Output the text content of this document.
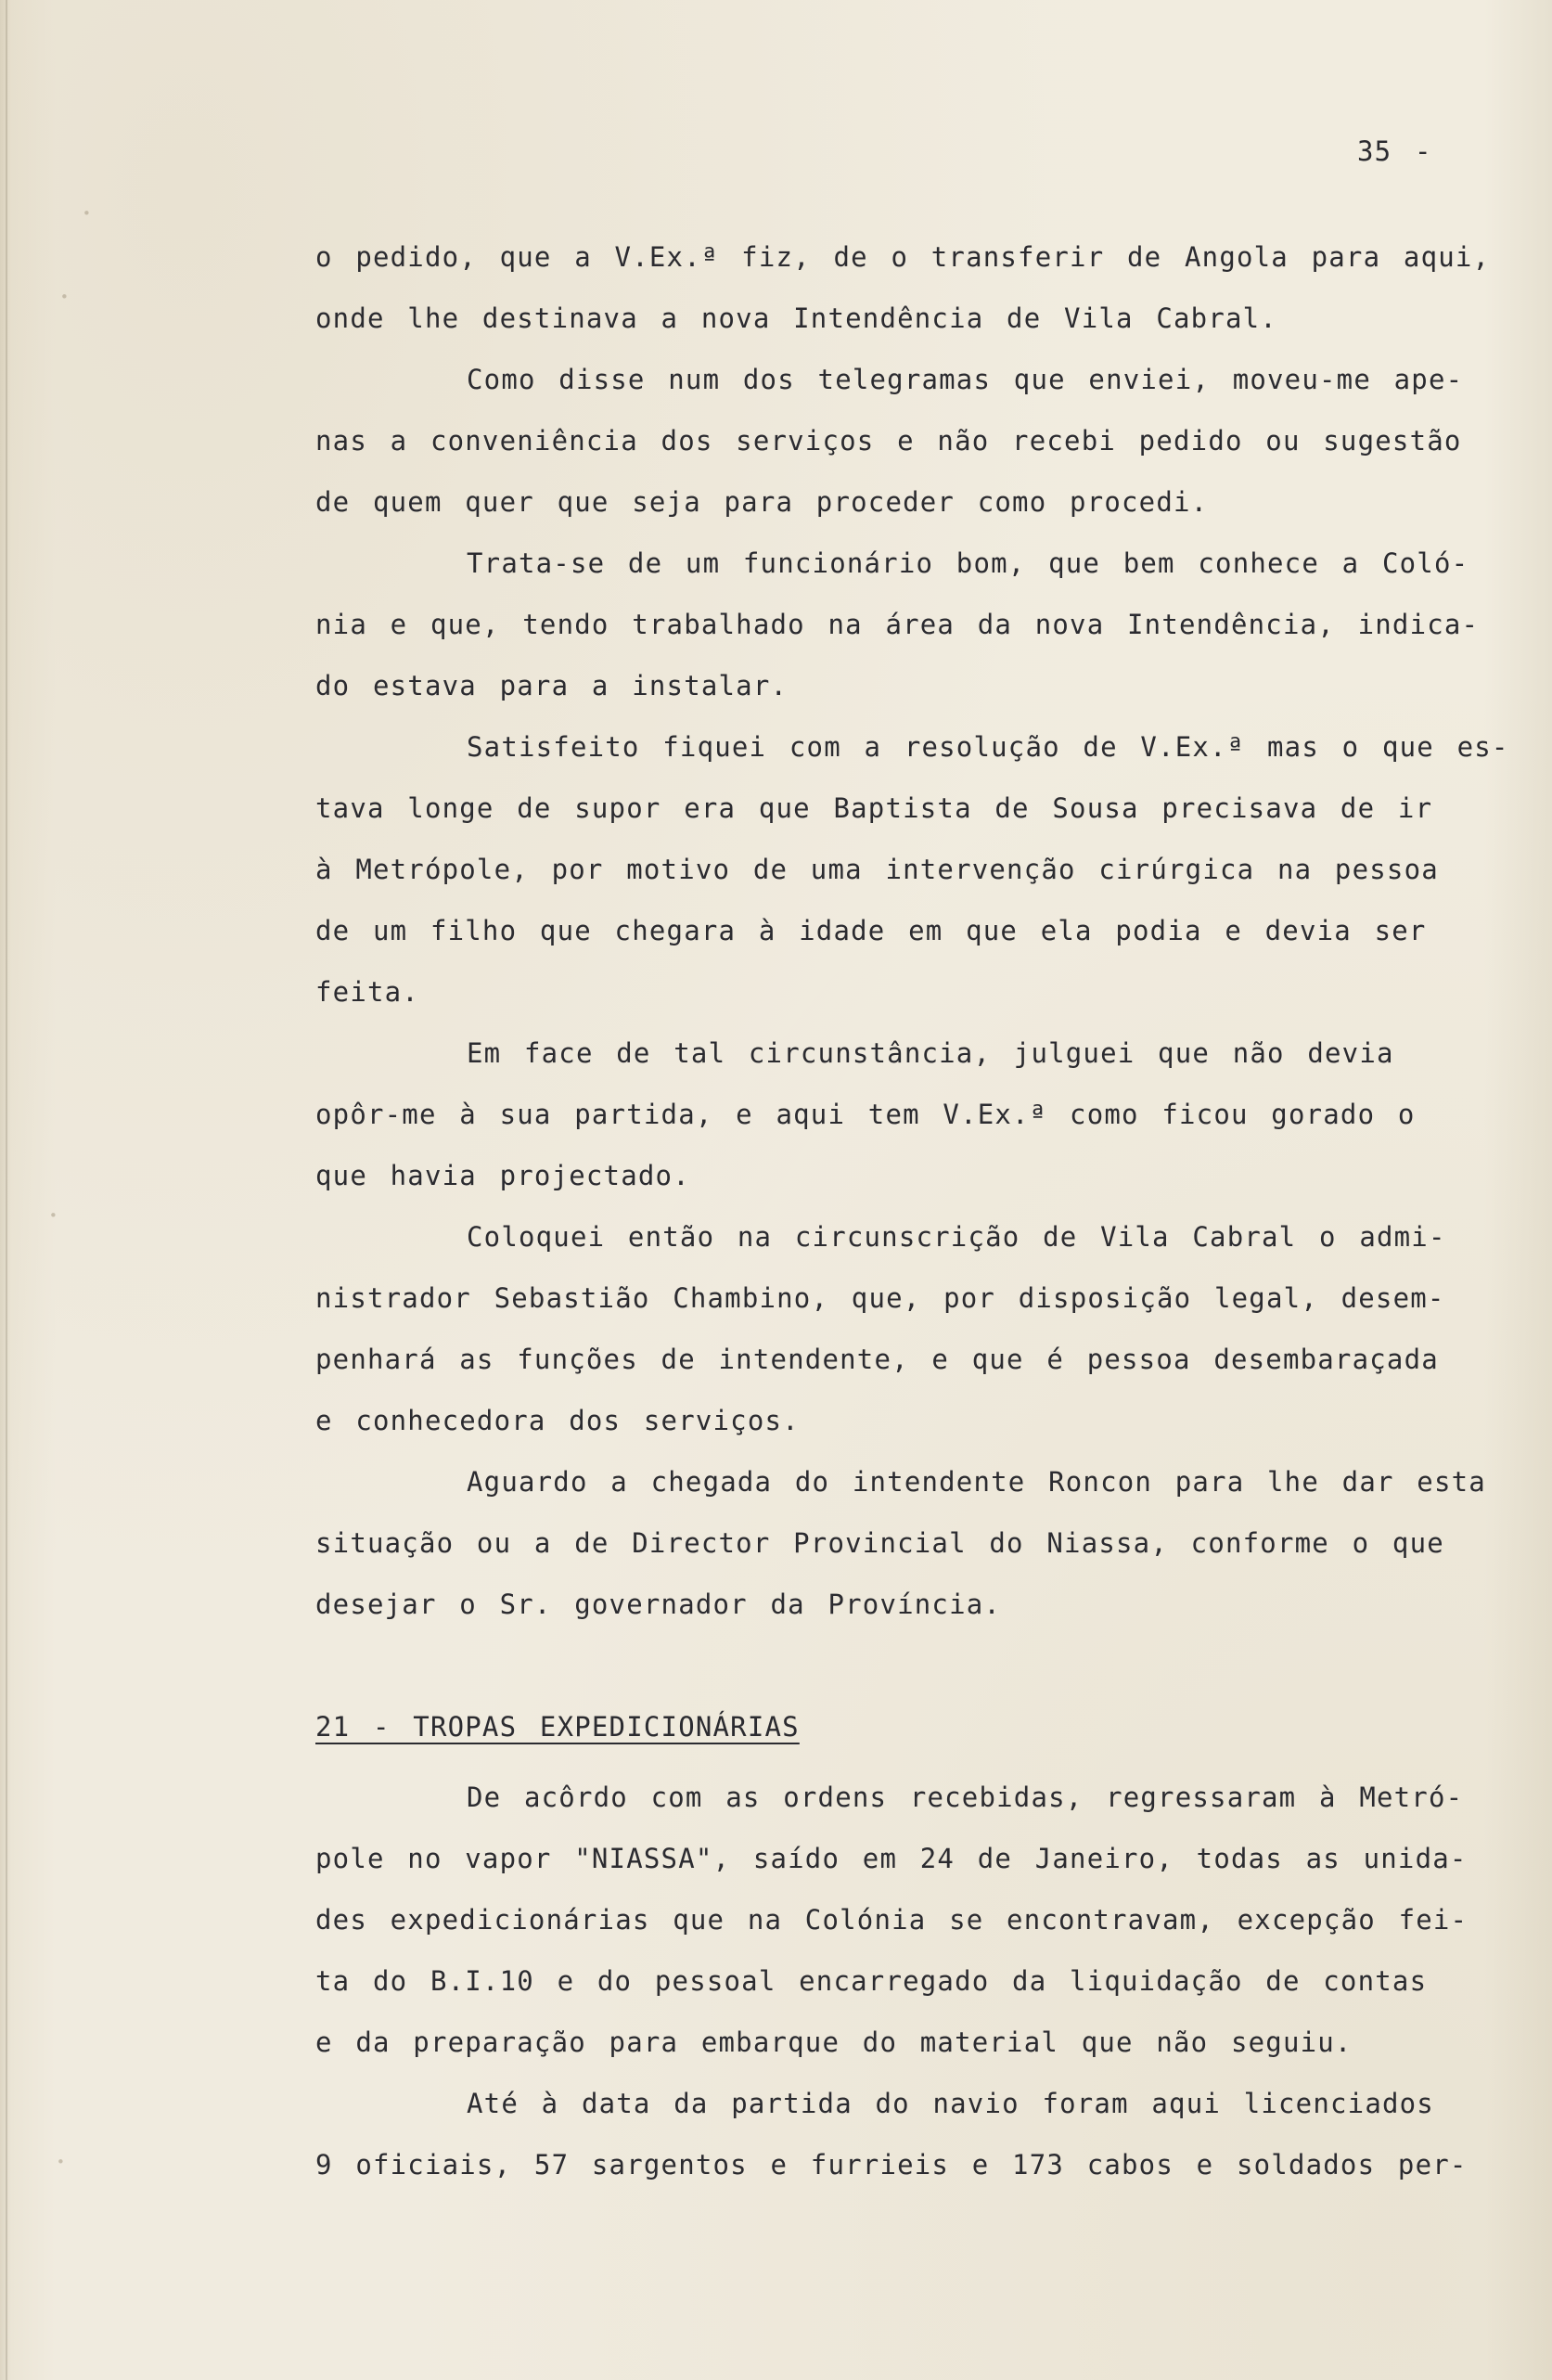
·
·
·
·
35 -
o pedido, que a V.Ex.ª fiz, de o transferir de Angola para aqui,
onde lhe destinava a nova Intendência de Vila Cabral.
Como disse num dos telegramas que enviei, moveu-me ape-
nas a conveniência dos serviços e não recebi pedido ou sugestão
de quem quer que seja para proceder como procedi.
Trata-se de um funcionário bom, que bem conhece a Coló-
nia e que, tendo trabalhado na área da nova Intendência, indica-
do estava para a instalar.
Satisfeito fiquei com a resolução de V.Ex.ª mas o que es-
tava longe de supor era que Baptista de Sousa precisava de ir
à Metrópole, por motivo de uma intervenção cirúrgica na pessoa
de um filho que chegara à idade em que ela podia e devia ser
feita.
Em face de tal circunstância, julguei que não devia
opôr-me à sua partida, e aqui tem V.Ex.ª como ficou gorado o
que havia projectado.
Coloquei então na circunscrição de Vila Cabral o admi-
nistrador Sebastião Chambino, que, por disposição legal, desem-
penhará as funções de intendente, e que é pessoa desembaraçada
e conhecedora dos serviços.
Aguardo a chegada do intendente Roncon para lhe dar esta
situação ou a de Director Provincial do Niassa, conforme o que
desejar o Sr. governador da Província.
21 - TROPAS EXPEDICIONÁRIAS
De acôrdo com as ordens recebidas, regressaram à Metró-
pole no vapor "NIASSA", saído em 24 de Janeiro, todas as unida-
des expedicionárias que na Colónia se encontravam, excepção fei-
ta do B.I.10 e do pessoal encarregado da liquidação de contas
e da preparação para embarque do material que não seguiu.
Até à data da partida do navio foram aqui licenciados
9 oficiais, 57 sargentos e furrieis e 173 cabos e soldados per-
